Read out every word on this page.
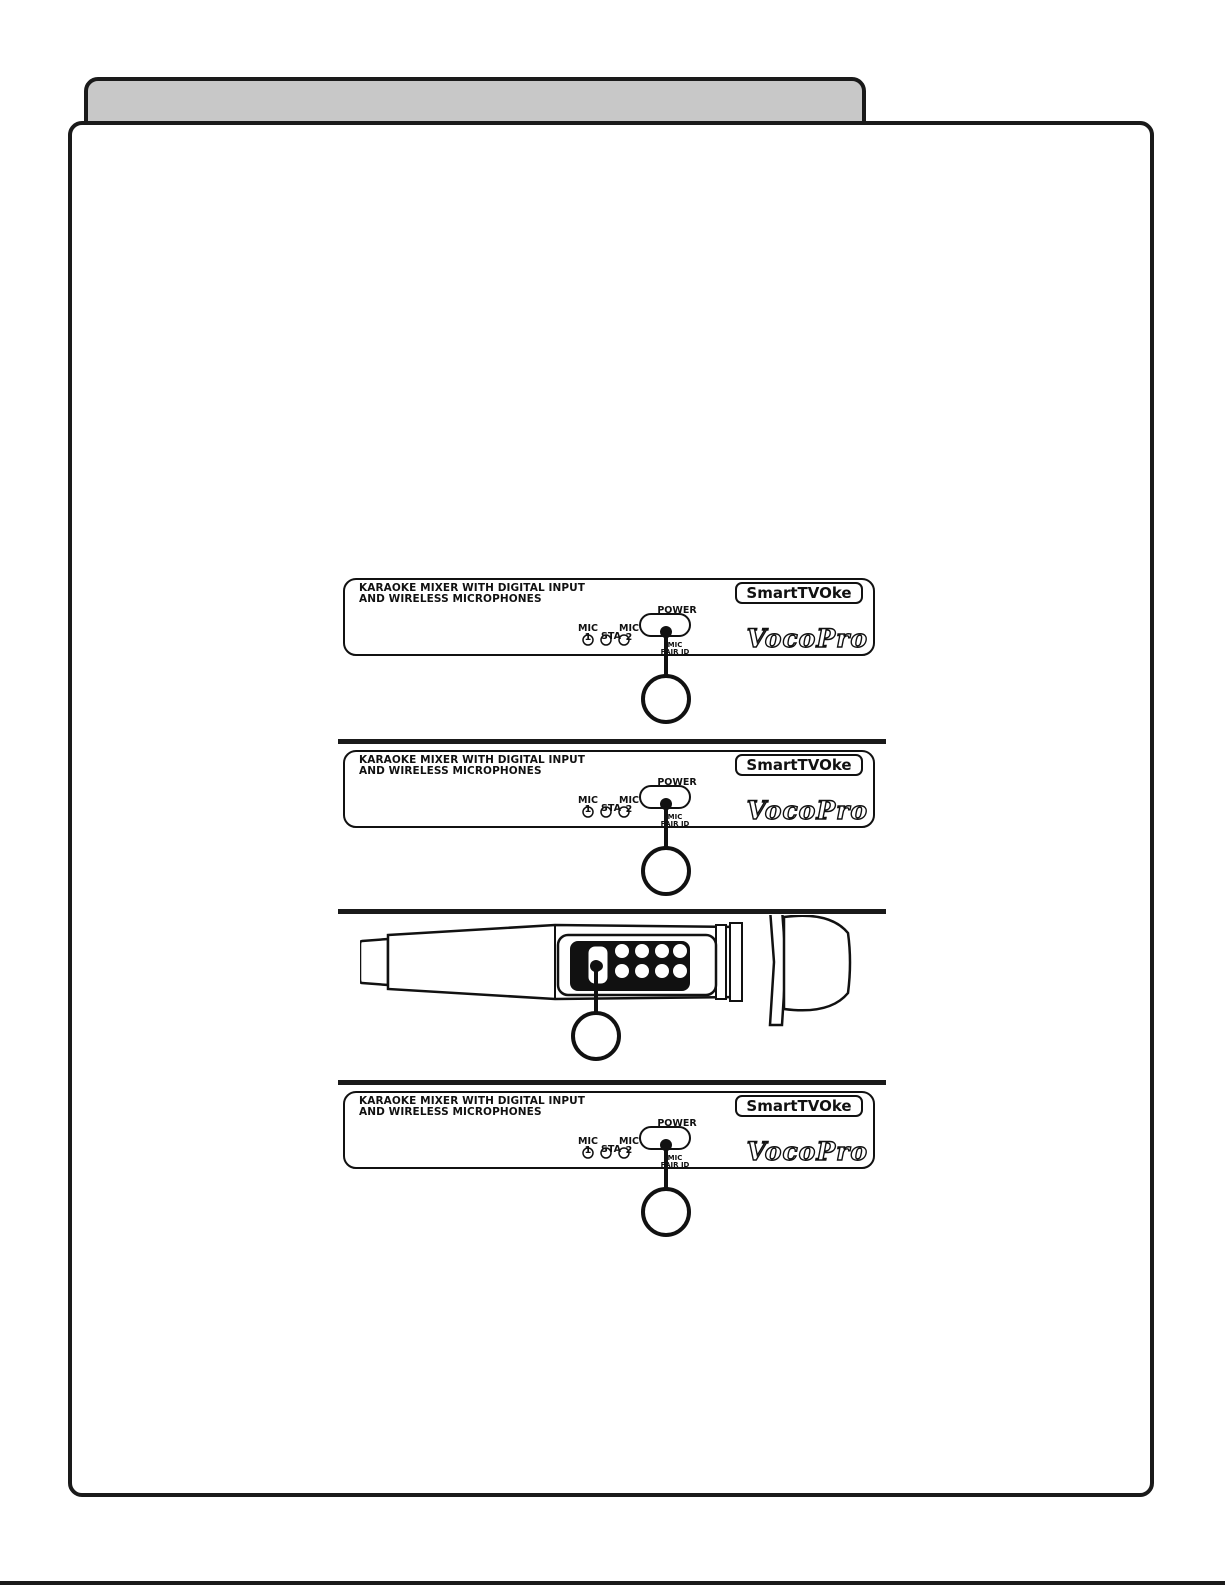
KARAOKE MIXER WITH DIGITAL INPUT
AND WIRELESS MICROPHONES
POWER
MIC
1	STA
MIC
2
MIC
PAIR ID
SmartTVOke
VocoPro
KARAOKE MIXER WITH DIGITAL INPUT
AND WIRELESS MICROPHONES
POWER
MIC
1	STA
MIC
2
MIC
PAIR ID
SmartTVOke
VocoPro
KARAOKE MIXER WITH DIGITAL INPUT
AND WIRELESS MICROPHONES
POWER
MIC
1	STA
MIC
2
MIC
PAIR ID
SmartTVOke
VocoPro
